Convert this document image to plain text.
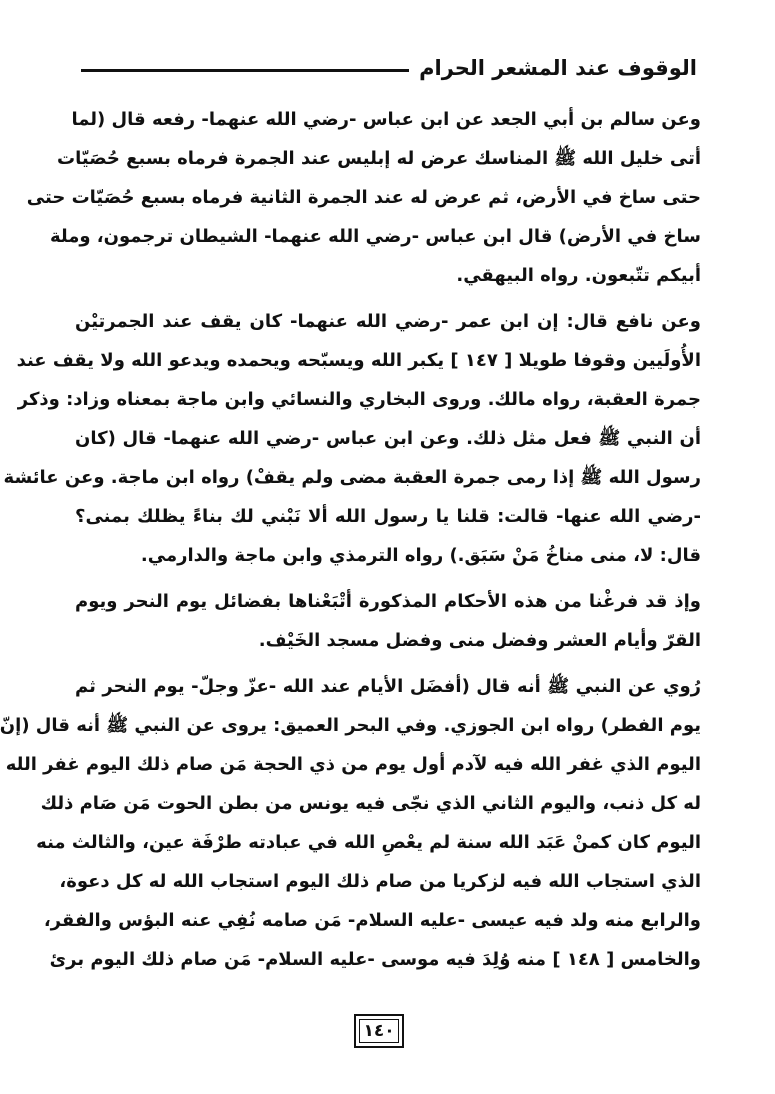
الوقوف عند المشعر الحرام
وعن سالم بن أبي الجعد عن ابن عباس -رضي الله عنهما- رفعه قال (لما
أتى خليل الله ﷺ المناسك عرض له إبليس عند الجمرة فرماه بسبع حُصَيّات
حتى ساخ في الأرض، ثم عرض له عند الجمرة الثانية فرماه بسبع حُصَيّات حتى
ساخ في الأرض) قال ابن عباس -رضي الله عنهما- الشيطان ترجمون، وملة
أبيكم تتّبعون. رواه البيهقي.
وعن نافع قال: إن ابن عمر -رضي الله عنهما- كان يقف عند الجمرتيْن
الأُولَيين وقوفا طويلا [ ١٤٧ ] يكبر الله ويسبّحه ويحمده ويدعو الله ولا يقف عند
جمرة العقبة، رواه مالك. وروى البخاري والنسائي وابن ماجة بمعناه وزاد: وذكر
أن النبي ﷺ فعل مثل ذلك. وعن ابن عباس -رضي الله عنهما- قال (كان
رسول الله ﷺ إذا رمى جمرة العقبة مضى ولم يقفْ) رواه ابن ماجة. وعن عائشة
-رضي الله عنها- قالت: قلنا يا رسول الله ألا نَبْني لك بناءً يظلك بمنى؟
قال: لا، منى مناخُ مَنْ سَبَق.) رواه الترمذي وابن ماجة والدارمي.
وإذ قد فرغْنا من هذه الأحكام المذكورة أتْبَعْناها بفضائل يوم النحر ويوم
القرّ وأيام العشر وفضل منى وفضل مسجد الخَيْف.
رُوي عن النبي ﷺ أنه قال (أفضَل الأيام عند الله -عزّ وجلّ- يوم النحر ثم
يوم الفطر) رواه ابن الجوزي. وفي البحر العميق: يروى عن النبي ﷺ أنه قال (إنّ
اليوم الذي غفر الله فيه لآدم أول يوم من ذي الحجة مَن صام ذلك اليوم غفر الله
له كل ذنب، واليوم الثاني الذي نجّى فيه يونس من بطن الحوت مَن صَام ذلك
اليوم كان كمنْ عَبَد الله سنة لم يعْصِ الله في عبادته طرْفَة عين، والثالث منه
الذي استجاب الله فيه لزكريا من صام ذلك اليوم استجاب الله له كل دعوة،
والرابع منه ولد فيه عيسى -عليه السلام- مَن صامه نُفِي عنه البؤس والفقر،
والخامس [ ١٤٨ ] منه وُلِدَ فيه موسى -عليه السلام- مَن صام ذلك اليوم برئ
١٤٠
